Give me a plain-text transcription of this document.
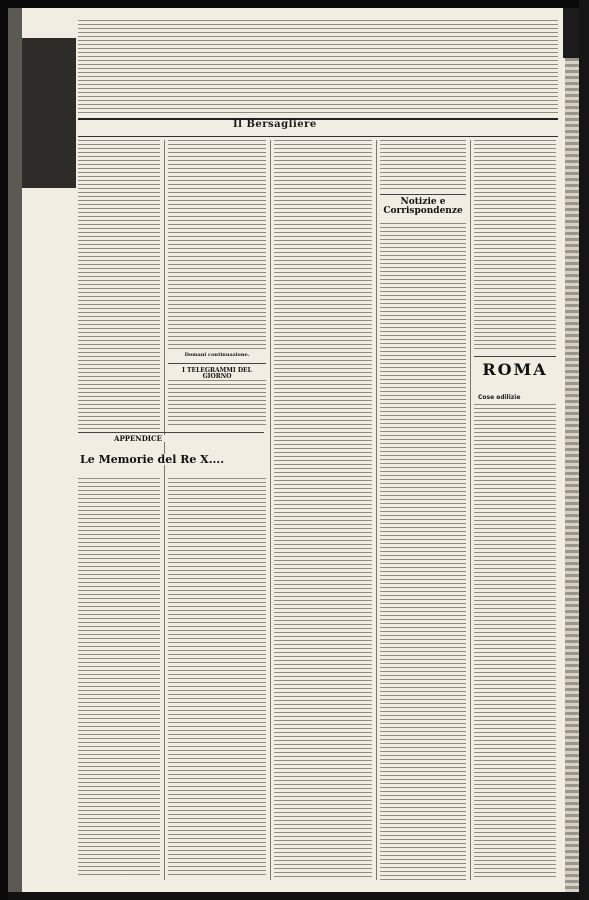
Il Bersagliere
APPENDICE
Le Memorie del Re X....
Domani continuazione.
I TELEGRAMMI DEL GIORNO
Notizie e Corrispondenze
ROMA
Cose edilizie
